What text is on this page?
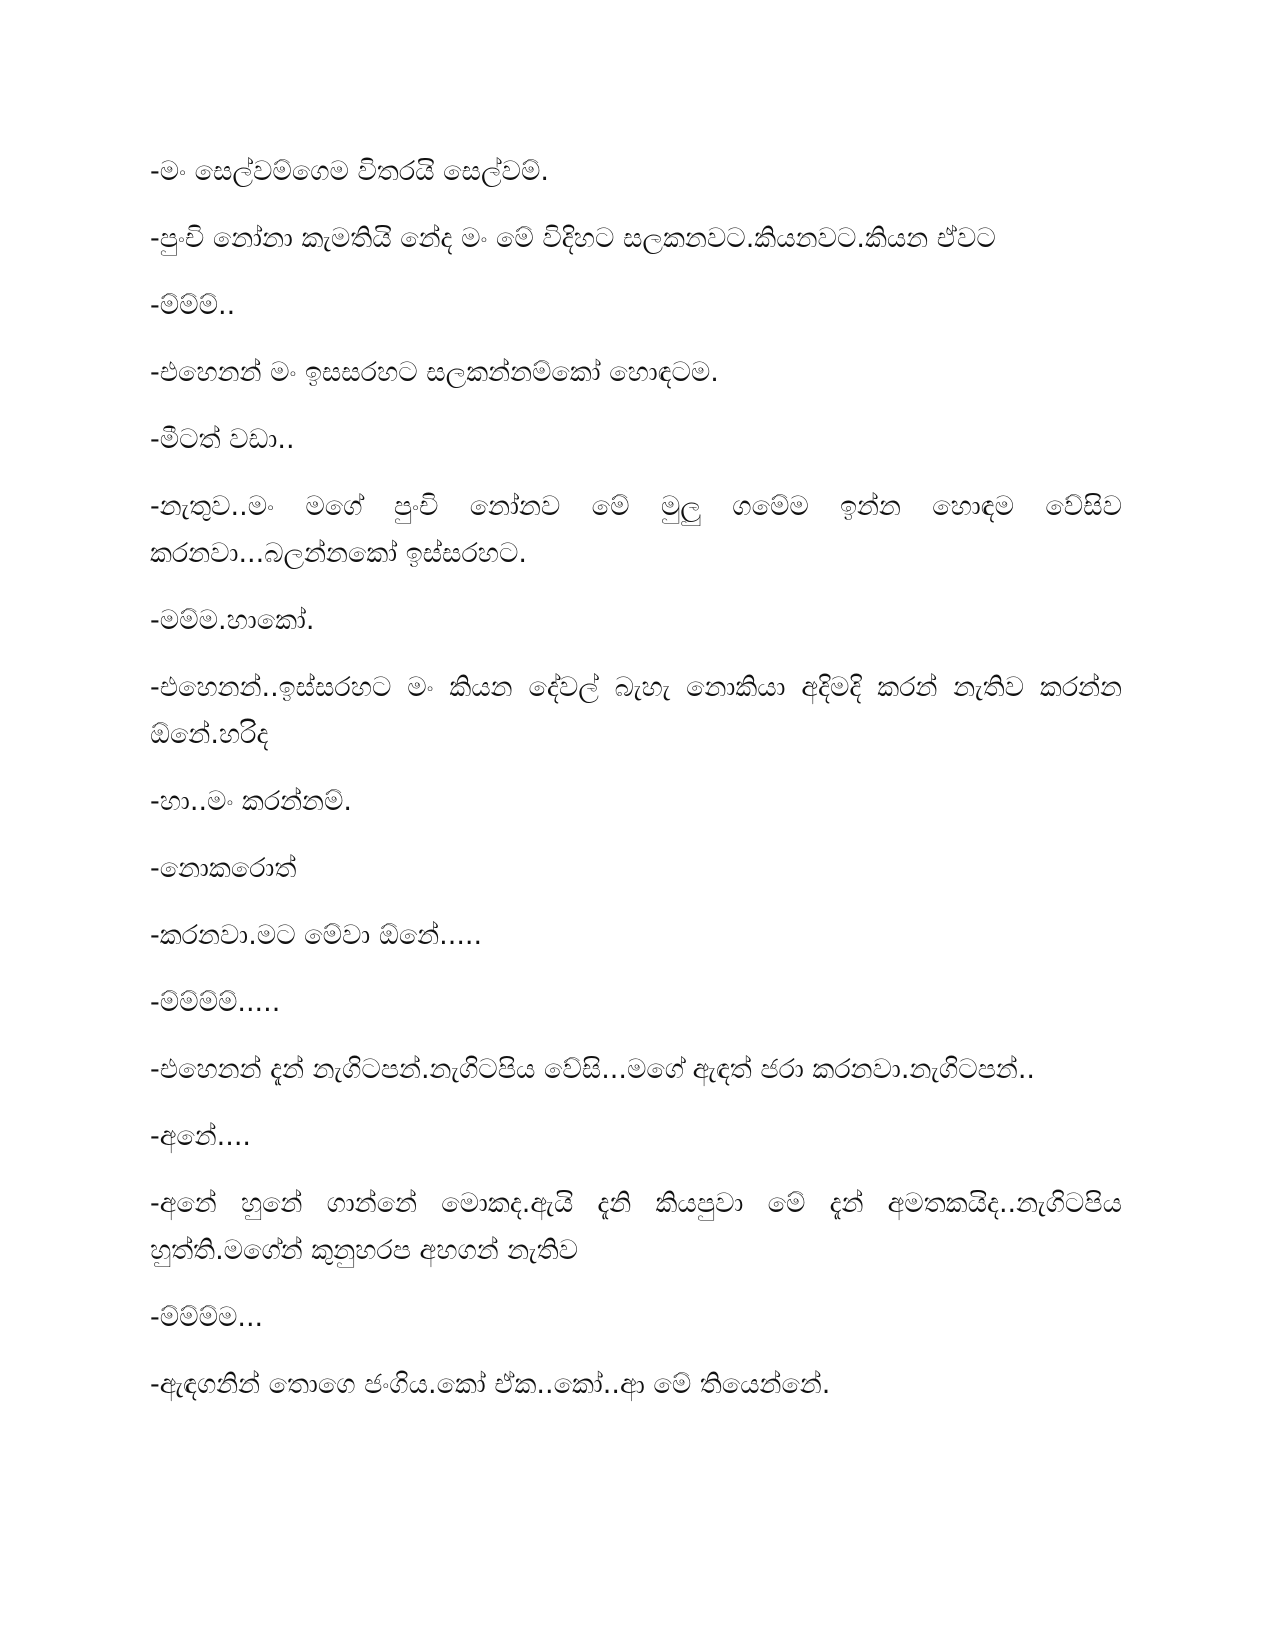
-මං සෙල්වම්ගෙම විතරයි සෙල්වම්.

-පුංචි නෝනා කැමතියි නේද මං මේ විදිහට සලකනවට.කියනවට.කියන ඒවට

-ම්ම්ම්..

-එහෙනන් මං ඉසසරහට සලකන්නම්කෝ හොඳටම.

-මීටත් වඩා..

-නැතුව..මං මගේ පුංචි නෝනව මේ මුලු ගමේම ඉන්න හොඳම වේසිව කරනවා...බලන්නකෝ ඉස්සරහට.

-මම්ම.හාකෝ.

-එහෙනන්..ඉස්සරහට මං කියන දේවල් බැහැ නොකියා අදිමදි කරන් නැතිව කරන්න ඕනේ.හරිද

-හා..මං කරන්නම්.

-නොකරොත්

-කරනවා.මට මේවා ඕනේ.....

-ම්ම්ම්ම්.....

-එහෙනන් දැන් නැගිටපන්.නැගිටපිය වේසි...මගේ ඇඳත් ජරා කරනවා.නැගිටපන්..

-අනේ....

-අනේ හුනේ ගාන්නේ මොකද.ඇයි දැනි කියපුවා මේ දැන් අමතකයිද..නැගිටපිය හුත්ති.මගේන් කුනුහරප අහගන් නැතිව

-ම්ම්ම්ම...

-ඇඳගනින් තොගෙ ජංගිය.කෝ ඒක..කෝ..ආ මේ තියෙන්නේ.
